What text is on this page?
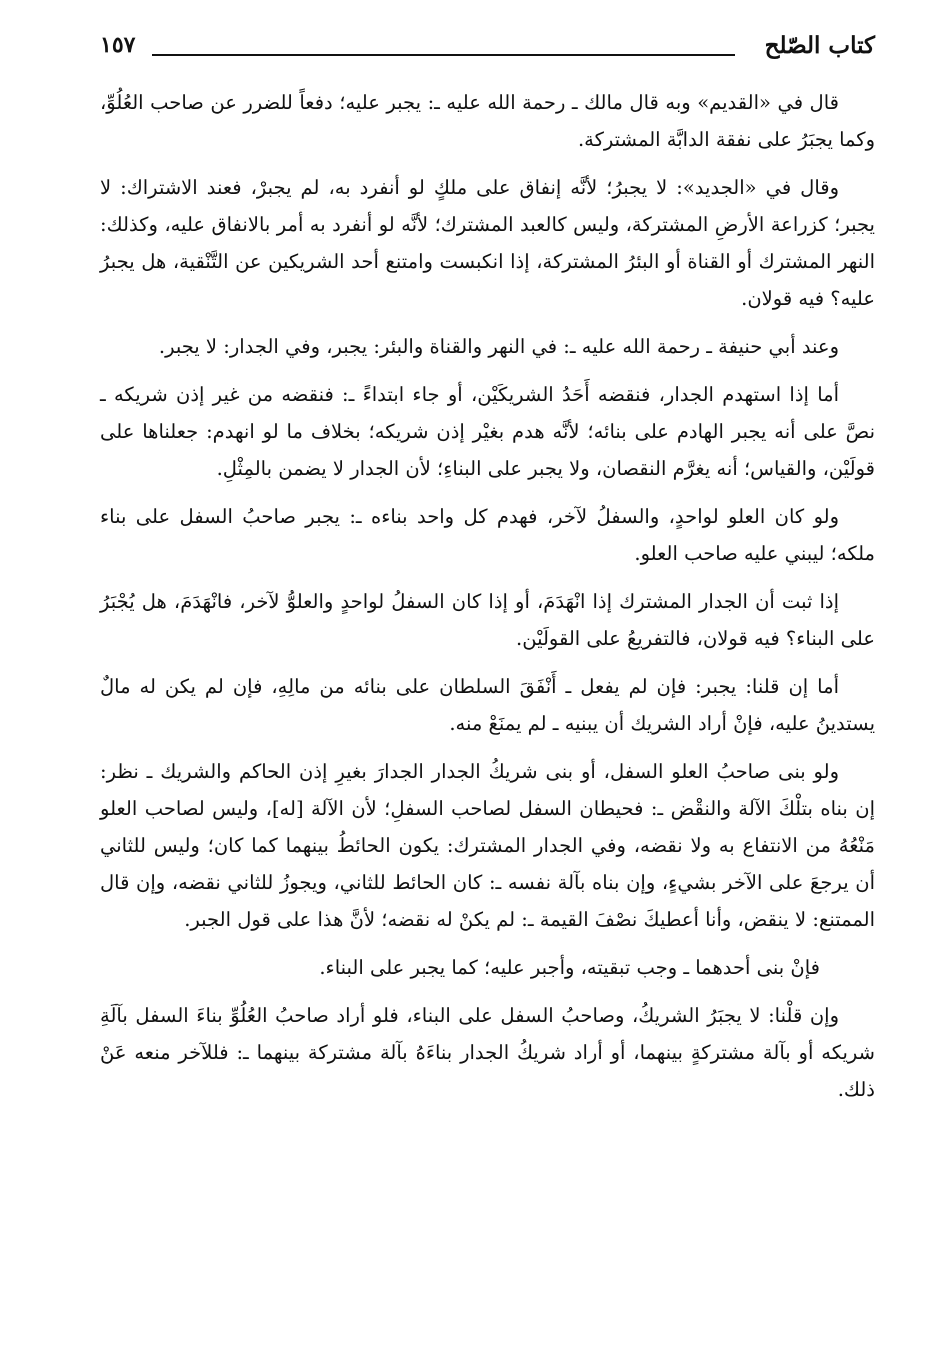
كتاب الصّلح
١٥٧

قال في «القديم» وبه قال مالك ـ رحمة الله عليه ـ: يجبر عليه؛ دفعاً للضرر عن صاحب العُلُوِّ، وكما يجبَرُ على نفقة الدابَّة المشتركة.

وقال في «الجديد»: لا يجبرُ؛ لأنَّه إنفاق على ملكٍ لو أنفرد به، لم يجبرْ، فعند الاشتراك: لا يجبر؛ كزراعة الأرضِ المشتركة، وليس كالعبد المشترك؛ لأنَّه لو أنفرد به أمر بالانفاق عليه، وكذلك: النهر المشترك أو القناة أو البئرُ المشتركة، إذا انكبست وامتنع أحد الشريكين عن التَّنْقية، هل يجبرُ عليه؟ فيه قولان.

وعند أبي حنيفة ـ رحمة الله عليه ـ: في النهر والقناة والبئر: يجبر، وفي الجدار: لا يجبر.

أما إذا استهدم الجدار، فنقضه أَحَدُ الشريكَيْن، أو جاء ابتداءً ـ: فنقضه من غير إذن شريكه ـ نصَّ على أنه يجبر الهادم على بنائه؛ لأنَّه هدم بغيْر إذن شريكه؛ بخلاف ما لو انهدم: جعلناها على قولَيْن، والقياس؛ أنه يغرَّم النقصان، ولا يجبر على البناءِ؛ لأن الجدار لا يضمن بالمِثْلِ.

ولو كان العلو لواحدٍ، والسفلُ لآخر، فهدم كل واحد بناءه ـ: يجبر صاحبُ السفل على بناء ملكه؛ ليبني عليه صاحب العلو.

إذا ثبت أن الجدار المشترك إذا انْهَدَمَ، أو إذا كان السفلُ لواحدٍ والعلوُّ لآخر، فانْهَدَمَ، هل يُجْبَرُ على البناء؟ فيه قولان، فالتفريعُ على القولَيْن.

أما إن قلنا: يجبر: فإن لم يفعل ـ أَنْفَقَ السلطان على بنائه من مالِهِ، فإن لم يكن له مالٌ يستدينُ عليه، فإنْ أراد الشريك أن يبنيه ـ لم يمنَعْ منه.

ولو بنى صاحبُ العلو السفل، أو بنى شريكُ الجدار الجدارَ بغيرِ إذن الحاكم والشريك ـ نظر: إن بناه بتلْكَ الآلة والنقْض ـ: فحيطان السفل لصاحب السفلِ؛ لأن الآلة [له]، وليس لصاحب العلو مَنْعُهُ من الانتفاع به ولا نقضه، وفي الجدار المشترك: يكون الحائطُ بينهما كما كان؛ وليس للثاني أن يرجعَ على الآخر بشيءٍ، وإن بناه بآلة نفسه ـ: كان الحائط للثاني، ويجوزُ للثاني نقضه، وإن قال الممتنع: لا ينقض، وأنا أعطيكَ نصْفَ القيمة ـ: لم يكنْ له نقضه؛ لأنَّ هذا على قول الجبر.

فإنْ بنى أحدهما ـ وجب تبقيته، وأجبر عليه؛ كما يجبر على البناء.

وإن قلْنا: لا يجبَرُ الشريكُ، وصاحبُ السفل على البناء، فلو أراد صاحبُ العُلُوِّ بناءَ السفل بآلَةِ شريكه أو بآلة مشتركةٍ بينهما، أو أراد شريكُ الجدار بناءَهُ بآلة مشتركة بينهما ـ: فللآخر منعه عَنْ ذلك.
